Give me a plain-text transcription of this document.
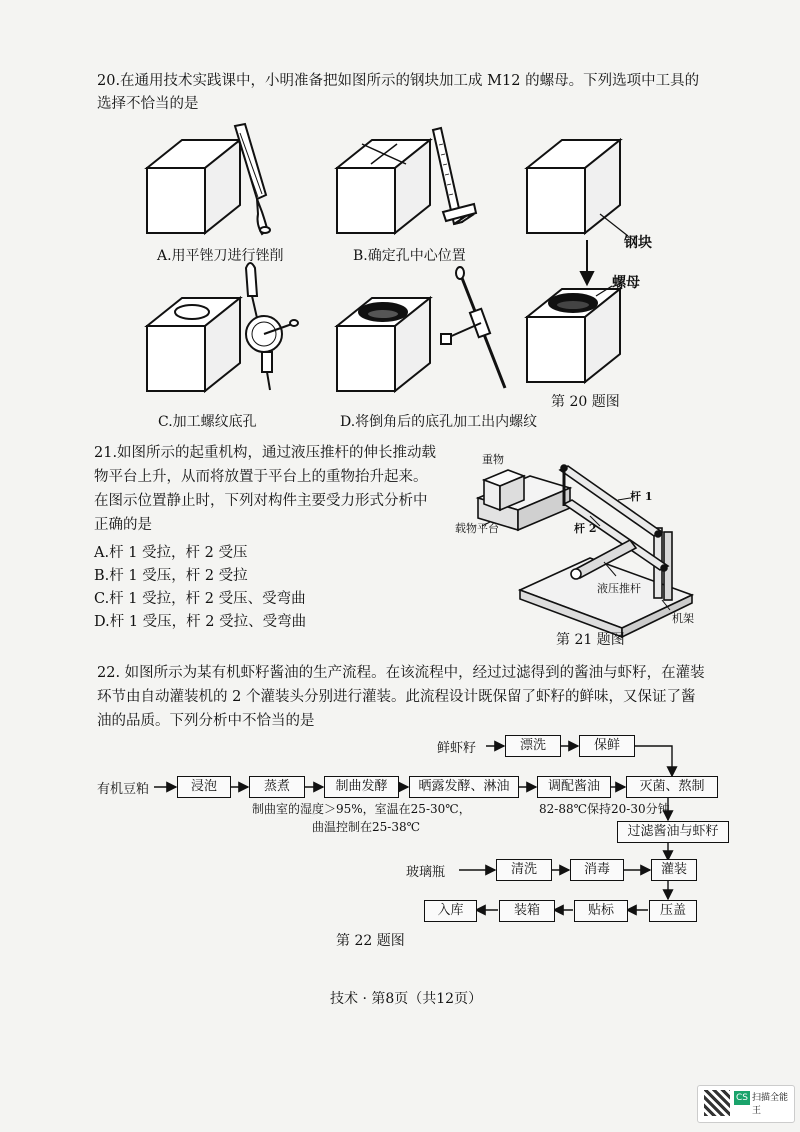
20.在通用技术实践课中，小明准备把如图所示的钢块加工成 M12 的螺母。下列选项中工具的
选择不恰当的是
A.用平锉刀进行锉削	B.确定孔中心位置
C.加工螺纹底孔	D.将倒角后的底孔加工出内螺纹
钢块
螺母
第 20 题图
21.如图所示的起重机构，通过液压推杆的伸长推动载
物平台上升，从而将放置于平台上的重物抬升起来。
在图示位置静止时，下列对构件主要受力形式分析中
正确的是
A.杆 1 受拉，杆 2 受压
B.杆 1 受压，杆 2 受拉
C.杆 1 受拉，杆 2 受压、受弯曲
D.杆 1 受压，杆 2 受拉、受弯曲
重物
载物平台
杆 1
杆 2
液压推杆
机架
第 21 题图
22. 如图所示为某有机虾籽酱油的生产流程。在该流程中，经过过滤得到的酱油与虾籽，在灌装
环节由自动灌装机的 2 个灌装头分别进行灌装。此流程设计既保留了虾籽的鲜味，又保证了酱
油的品质。下列分析中不恰当的是
鲜虾籽	漂洗	保鲜
有机豆粕	浸泡	蒸煮	制曲发酵	晒露发酵、淋油	调配酱油	灭菌、熬制
制曲室的湿度＞95%，室温在25-30℃，
曲温控制在25-38℃
82-88℃保持20-30分钟
过滤酱油与虾籽
玻璃瓶	清洗	消毒	灌装
压盖
贴标
装箱
入库
第 22 题图
技术 · 第8页（共12页）
CS 扫描全能王
